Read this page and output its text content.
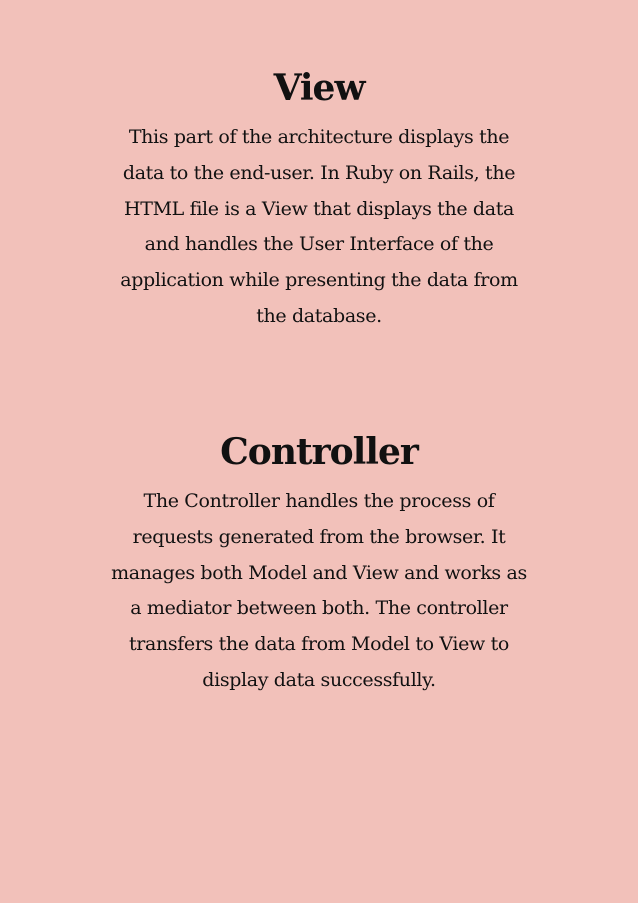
View

This part of the architecture displays the
data to the end-user. In Ruby on Rails, the
HTML file is a View that displays the data
and handles the User Interface of the
application while presenting the data from
the database.

Controller

The Controller handles the process of
requests generated from the browser. It
manages both Model and View and works as
a mediator between both. The controller
transfers the data from Model to View to
display data successfully.
